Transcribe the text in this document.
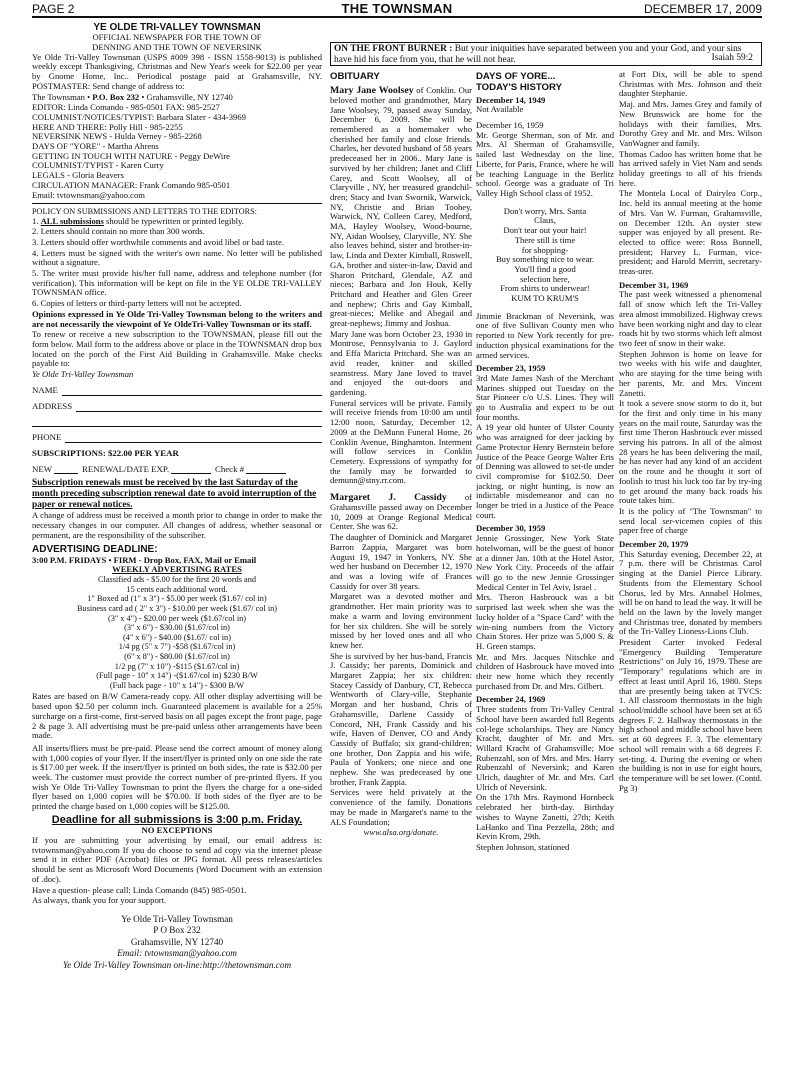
PAGE 2	THE TOWNSMAN	DECEMBER 17, 2009
ON THE FRONT BURNER : But your iniquities have separated between you and your God, and your sins have hid his face from you, that he will not hear.	Isaiah 59:2
YE OLDE TRI-VALLEY TOWNSMAN
OFFICIAL NEWSPAPER FOR THE TOWN OF
DENNING AND THE TOWN OF NEVERSINK

Ye Olde Tri-Valley Townsman (USPS #009 398 - ISSN 1558-9013) is published weekly except Thanksgiving, Christmas and New Year's week for $22.00 per year by Gnome Home, Inc.. Periodical postage paid at Grahamsville, NY. POSTMASTER: Send change of address to:

The Townsman • P.O. Box 232 • Grahamsville, NY 12740

EDITOR: Linda Comando - 985-0501 FAX: 985-2527
COLUMNIST/NOTICES/TYPIST: Barbara Slater - 434-3969
HERE AND THERE: Polly Hill - 985-2255
NEVERSINK NEWS - Hulda Verney - 985-2268
DAYS OF "YORE" - Martha Ahrens
GETTING IN TOUCH WITH NATURE - Peggy DeWire
COLUMNIST/TYPIST - Karen Curry
LEGALS - Gloria Beavers
CIRCULATION MANAGER: Frank Comando 985-0501
Email: tvtownsman@yahoo.com
POLICY ON SUBMISSIONS AND LETTERS TO THE EDITORS:

1. ALL submissions should be typewritten or printed legibly.

2. Letters should contain no more than 300 words.

3. Letters should offer worthwhile comments and avoid libel or bad taste.

4. Letters must be signed with the writer's own name. No letter will be published without a signature.

5. The writer must provide his/her full name, address and telephone number (for verification). This information will be kept on file in the YE OLDE TRI-VALLEY TOWNSMAN office.

6. Copies of letters or third-party letters will not be accepted.

Opinions expressed in Ye Olde Tri-Valley Townsman belong to the writers and are not necessarily the viewpoint of Ye OldeTri-Valley Townsman or its staff.

To renew or receive a new subscription to the TOWNSMAN, please fill out the form below. Mail form to the address above or place in the TOWNSMAN drop box located on the porch of the First Aid Building in Grahamsville. Make checks payable to:

Ye Olde Tri-Valley Townsman

NAME
ADDRESS
PHONE
SUBSCRIPTIONS: $22.00 PER YEAR
NEW	RENEWAL/DATE EXP.	Check #

Subscription renewals must be received by the last Saturday of the month preceding subscription renewal date to avoid interruption of the paper or renewal notices.

A change of address must be received a month prior to change in order to make the necessary changes in our computer. All changes of address, whether seasonal or permanent, are the responsibility of the subscriber.

ADVERTISING DEADLINE:
3:00 P.M. FRIDAYS • FIRM - Drop Box, FAX, Mail or Email
WEEKLY ADVERTISING RATES
Classified ads - $5.00 for the first 20 words and
15 cents each additional word.
1" Boxed ad (1" x 3") - $5.00 per week ($1.67/ col in)
Business card ad ( 2" x 3") - $10.00 per week ($1.67/ col in)
(3" x 4") - $20.00 per week ($1.67/col in)
(3" x 6") - $30.00 ($1.67/col in)
(4" x 6") - $40.00 ($1.67/ col in)
1/4 pg (5" x 7") -$58 ($1.67/col in)
(6" x 8") - $80.00 ($1.67/col in)
1/2 pg (7" x 10") -$115 ($1.67/col in)
(Full page - 10" x 14") -($1.67/col in) $230 B/W
(Full back page - 10" x 14") - $300 B/W

Rates are based on B/W Camera-ready copy. All other display advertising will be based upon $2.50 per column inch. Guaranteed placement is available for a 25% surcharge on a first-come, first-served basis on all pages except the front page, page 2 & page 3. All advertising must be pre-paid unless other arrangements have been made.

All inserts/fliers must be pre-paid. Please send the correct amount of money along with 1,000 copies of your flyer. If the insert/flyer is printed only on one side the rate is $17.00 per week. If the insert/flyer is printed on both sides, the rate is $32.00 per week. The customer must provide the correct number of pre-printed flyers. If you wish Ye Olde Tri-Valley Townsman to print the flyers the charge for a one-sided flyer based on 1,000 copies will be $70.00. If both sides of the flyer are to be printed the charge based on 1,000 copies will be $125.00.

Deadline for all submissions is 3:00 p.m. Friday.
NO EXCEPTIONS

If you are submitting your advertising by email, our email address is: tvtownsman@yahoo.com If you do choose to send ad copy via the internet please send it in either PDF (Acrobat) files or JPG format. All press releases/articles should be sent as Microsoft Word Documents (Word Document with an extension of .doc).

Have a question- please call: Linda Comando (845) 985-0501.

As always, thank you for your support.

Ye Olde Tri-Valley Townsman
P O Box 232
Grahamsville, NY 12740
Email: tvtownsman@yahoo.com
Ye Olde Tri-Valley Townsman on-line:http://thetownsman.com
OBITUARY

Mary Jane Woolsey of Conklin. Our beloved mother and grandmother, Mary Jane Woolsey, 79, passed away Sunday, December 6, 2009. She will be remembered as a homemaker who cherished her family and close friends. Charles, her devoted husband of 58 years predeceased her in 2006.. Mary Jane is survived by her children; Janet and Cliff Carey, and Scott Woolsey, all of Claryville , NY, her treasured grandchil-dren; Stacy and Ivan Swornik, Warwick, NY, Christie and Brian Toohey, Warwick, NY, Colleen Carey, Medford, MA, Hayley Woolsey, Wood-bourne, NY, Aidan Woolsey, Claryville, NY. She also leaves behind, sister and brother-in-law, Linda and Dexter Kimball, Roswell, GA, brother and sister-in-law, David and Sharon Pritchard, Glendale, AZ and nieces; Barbara and Jon Houk, Kelly Pritchard and Heather and Glen Greer and nephew; Chris and Gay Kimball, great-nieces; Melike and Abegail and great-nephews; Jimmy and Joshua.

Mary Jane was born October 23, 1930 in Montrose, Pennsylvania to J. Gaylord and Effa Maricta Pritchard. She was an avid reader, knitter and skilled seamstress. Mary Jane loved to travel and enjoyed the out-doors and gardening.

Funeral services will be private. Family will receive friends from 10:00 am until 12:00 noon, Saturday, December 12, 2009 at the DeMunn Funeral Home, 26 Conklin Avenue, Binghamton. Interment will follow services in Conklin Cemetery. Expressions of sympathy for the family may be forwarded to demunn@stny.rr.com.

Margaret J. Cassidy of Grahamsville passed away on December 10, 2009 at Orange Regional Medical Center. She was 62.

The daughter of Dominick and Margaret Barron Zappia, Margaret was born August 19, 1947 in Yonkers, NY. She wed her husband on December 12, 1970 and was a loving wife of Frances Cassidy for over 38 years.

Margaret was a devoted mother and grandmother. Her main priority was to make a warm and loving environment for her six children. She will be sorely missed by her loved ones and all who knew her.

She is survived by her hus-band, Francis J. Cassidy; her parents, Dominick and Margaret Zappia; her six children: Stacey Cassidy of Danbury, CT, Rebecca Wentworth of Clary-ville, Stephanie Morgan and her husband, Chris of Grahamsville, Darlene Cassidy of Concord, NH, Frank Cassidy and his wife, Haven of Denver, CO and Andy Cassidy of Buffalo; six grand-children; one brother, Don Zappia and his wife, Paula of Yonkers; one niece and one nephew. She was predeceased by one brother, Frank Zappia.

Services were held privately at the convenience of the family. Donations may be made in Margaret's name to the ALS Foundation;

www.alsa.org/donate.

DAYS OF YORE...
TODAY'S HISTORY
December 14, 1949

Not Available

December 16, 1959

Mr. George Sherman, son of Mr. and Mrs. Al Sherman of Grahamsville, sailed last Wednesday on the line, Liberte, for Paris, France, where he will be teaching Language in the Berlitz school. George was a graduate of Tri Valley High School class of 1952.

Don't worry, Mrs. Santa
Claus,
Don't tear out your hair!
There still is time
for shopping-
Buy something nice to wear.
You'll find a good
selection here,
From shirts to underwear!
KUM TO KRUM'S

Jimmie Brackman of Neversink, was one of five Sullivan County men who reported to New York recently for pre-induction physical examinations for the armed services.

December 23, 1959

3rd Mate James Nash of the Merchant Marines shipped out Tuesday on the Star Pioneer c/o U.S. Lines. They will go to Australia and expect to be out four months.

A 19 year old hunter of Ulster County who was arraigned for deer jacking by Game Protector Henry Bernstein before Justice of the Peace George Walter Erts of Denning was allowed to set-tle under civil compromise for $102.50. Deer jacking, or night hunting, is now an indictable misdemeanor and can no longer be tried in a Justice of the Peace court.

December 30, 1959

Jennie Grossinger, New York State hotelwoman, will be the guest of honor at a dinner Jan. 10th at the Hotel Astor, New York City. Proceeds of the affair will go to the new Jennie Grossinger Medical Center in Tel Aviv, Israel .

Mrs. Theron Hasbrouck was a bit surprised last week when she was the lucky holder of a "Space Card" with the win-ning numbers from the Victory Chain Stores. Her prize was 5,000 S. & H. Green stamps.

Mr. and Mrs. Jacques Nitschke and children of Hasbrouck have moved into their new home which they recently purchased from Dr. and Mrs. Gilbert.

December 24, 1969

Three students from Tri-Valley Central School have been awarded full Regents col-lege scholarships. They are Nancy Kracht, daughter of Mr. and Mrs. Willard Kracht of Grahamsville; Moe Rubenzahl, son of Mrs. and Mrs. Harry Rubenzahl of Neversink; and Karen Ulrich, daughter of Mr. and Mrs. Carl Ulrich of Neversink.

On the 17th Mrs. Raymond Hornbeck celebrated her birth-day. Birthday wishes to Wayne Zanetti, 27th; Keith LaHanko and Tina Pezzella, 28th; and Kevin Krom, 29th.

Stephen Johnson, stationed

at Fort Dix, will be able to spend Christmas with Mrs. Johnson and their daughter Stephanie.

Maj. and Mrs. James Grey and family of New Brunswick are home for the holidays with their families, Mrs. Dorothy Grey and Mr. and Mrs. Wilson VanWagner and family.

Thomas Cadoo has written home that he has arrived safely in Viet Nam and sends holiday greetings to all of his friends here.

The Montela Local of Dairylea Corp., Inc. held its annual meeting at the home of Mrs. Van W. Furman, Grahamsville, on December 12th. An oyster stew supper was enjoyed by all present. Re-elected to office were: Ross Bonnell, president; Harvey L. Furman, vice-president; and Harold Merritt, secretary-treas-urer.

December 31, 1969

The past week witnessed a phenomenal fall of snow which left the Tri-Valley area almost immobilized. Highway crews have been working night and day to clear roads hit by two storms which left almost two feet of snow in their wake.

Stephen Johnson is home on leave for two weeks with his wife and daughter, who are staying for the time being with her parents, Mr. and Mrs. Vincent Zanetti.

It took a severe snow storm to do it, but for the first and only time in his many years on the mail route, Saturday was the first time Theron Hasbrouck ever missed serving his patrons. In all of the almost 28 years he has been delivering the mail, he has never had any kind of an accident on the route and he thought it sort of foolish to trust his luck too far by try-ing to get around the many back roads his route takes him.

It is the policy of "The Townsman" to send local ser-vicemen copies of this paper free of charge

December 20, 1979

This Saturday evening, December 22, at 7 p.m. there will be Christmas Carol singing at the Daniel Pierce Library. Students from the Elementary School Chorus, led by Mrs. Annabel Holmes, will be on hand to lead the way. It will be held on the lawn by the lovely manger and Christmas tree, donated by members of the Tri-Valley Lioness-Lions Club.

President Carter invoked Federal "Emergency Building Temperature Restrictions" on July 16, 1979. These are "Temporary" regulations which are in effect at least until April 16, 1980. Steps that are presently being taken at TVCS: 1. All classroom thermostats in the high school/middle school have been set at 65 degrees F. 2. Hallway thermostats in the high school and middle school have been set at 60 degrees F. 3. The elementary school will remain with a 68 degrees F. set-ting. 4. During the evening or when the building is not in use for eight hours, the temperature will be set lower. (Contd. Pg 3)
